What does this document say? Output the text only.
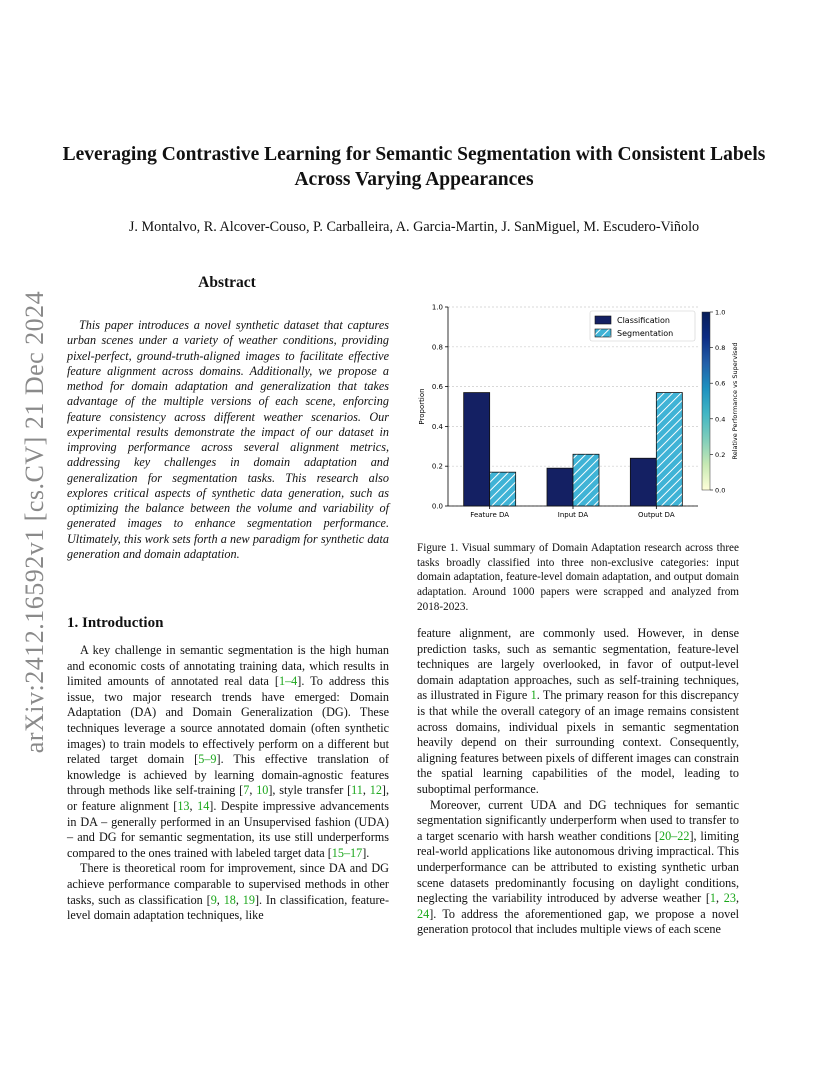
arXiv:2412.16592v1 [cs.CV] 21 Dec 2024
Leveraging Contrastive Learning for Semantic Segmentation with Consistent Labels Across Varying Appearances
J. Montalvo, R. Alcover-Couso, P. Carballeira, A. Garcia-Martin, J. SanMiguel, M. Escudero-Viñolo
Abstract
This paper introduces a novel synthetic dataset that captures urban scenes under a variety of weather conditions, providing pixel-perfect, ground-truth-aligned images to facilitate effective feature alignment across domains. Additionally, we propose a method for domain adaptation and generalization that takes advantage of the multiple versions of each scene, enforcing feature consistency across different weather scenarios. Our experimental results demonstrate the impact of our dataset in improving performance across several alignment metrics, addressing key challenges in domain adaptation and generalization for segmentation tasks. This research also explores critical aspects of synthetic data generation, such as optimizing the balance between the volume and variability of generated images to enhance segmentation performance. Ultimately, this work sets forth a new paradigm for synthetic data generation and domain adaptation.
1. Introduction

A key challenge in semantic segmentation is the high human and economic costs of annotating training data, which results in limited amounts of annotated real data [1–4]. To address this issue, two major research trends have emerged: Domain Adaptation (DA) and Domain Generalization (DG). These techniques leverage a source annotated domain (often synthetic images) to train models to effectively perform on a different but related target domain [5–9]. This effective translation of knowledge is achieved by learning domain-agnostic features through methods like self-training [7, 10], style transfer [11, 12], or feature alignment [13, 14]. Despite impressive advancements in DA – generally performed in an Unsupervised fashion (UDA) – and DG for semantic segmentation, its use still underperforms compared to the ones trained with labeled target data [15–17].

There is theoretical room for improvement, since DA and DG achieve performance comparable to supervised methods in other tasks, such as classification [9, 18, 19]. In classification, feature-level domain adaptation techniques, like

0.0
0.2
0.4
0.6
0.8
1.0
Proportion
Feature DA	Input DA	Output DA
Classification
Segmentation
0.0
0.2
0.4
0.6
0.8
1.0
Relative Performance vs Supervised
Figure 1. Visual summary of Domain Adaptation research across three tasks broadly classified into three non-exclusive categories: input domain adaptation, feature-level domain adaptation, and output domain adaptation. Around 1000 papers were scrapped and analyzed from 2018-2023.

feature alignment, are commonly used. However, in dense prediction tasks, such as semantic segmentation, feature-level techniques are largely overlooked, in favor of output-level domain adaptation approaches, such as self-training techniques, as illustrated in Figure 1. The primary reason for this discrepancy is that while the overall category of an image remains consistent across domains, individual pixels in semantic segmentation heavily depend on their surrounding context. Consequently, aligning features between pixels of different images can constrain the spatial learning capabilities of the model, leading to suboptimal performance.

Moreover, current UDA and DG techniques for semantic segmentation significantly underperform when used to transfer to a target scenario with harsh weather conditions [20–22], limiting real-world applications like autonomous driving impractical. This underperformance can be attributed to existing synthetic urban scene datasets predominantly focusing on daylight conditions, neglecting the variability introduced by adverse weather [1, 23, 24]. To address the aforementioned gap, we propose a novel generation protocol that includes multiple views of each scene
